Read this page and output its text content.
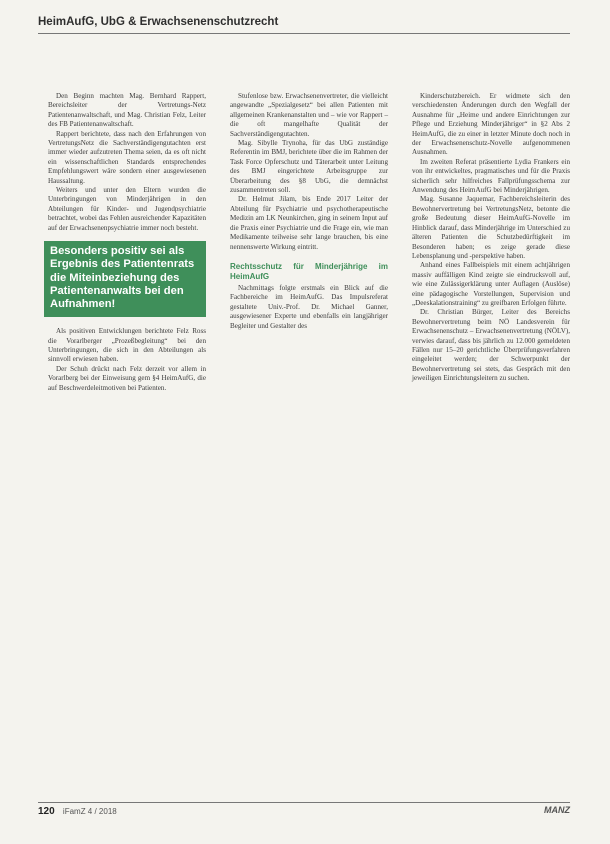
HeimAufG, UbG & Erwachsenenschutzrecht

Den Beginn machten Mag. Bernhard Rappert, Bereichsleiter der Vertretungs-Netz Patientenanwaltschaft, und Mag. Christian Felz, Leiter des FB Patientenanwaltschaft.

Rappert berichtete, dass nach den Erfahrungen von VertretungsNetz die Sachverständigengutachten erst immer wieder aufzutreten Thema seien, da es oft nicht ein wissenschaftlichen Standards entsprechendes Empfehlungswert wäre sondern einer ausgewiesenen Haussaltung.

Weiters und unter den Eltern wurden die Unterbringungen von Minderjährigen in den Abteilungen für Kinder- und Jugendpsychiatrie betrachtet, wobei das Fehlen ausreichender Kapazitäten auf der Erwachsenenpsychiatrie immer noch besteht.

Besonders positiv sei als Ergebnis des Patientenrats die Miteinbeziehung des Patientenanwalts bei den Aufnahmen!

Als positiven Entwicklungen berichtete Felz Ross die Vorarlberger „Prozeßbegleitung“ bei den Unterbringungen, die sich in den Abteilungen als sinnvoll erwiesen haben.

Der Schuh drückt nach Felz derzeit vor allem in Vorarlberg bei der Einweisung gem §4 HeimAufG, die auf Beschwerdeleitmotiven bei Patienten.

Stufenlose bzw. Erwachsenenvertreter, die vielleicht angewandte „Spezialgesetz“ bei allen Patienten mit allgemeinen Krankenanstalten und – wie vor Rappert – die oft mangelhafte Qualität der Sachverständigengutachten.

Mag. Sibylle Trynoha, für das UbG zuständige Referentin im BMJ, berichtete über die im Rahmen der Task Force Opferschutz und Täterarbeit unter Leitung des BMJ eingerichtete Arbeitsgruppe zur Überarbeitung des §8 UbG, die demnächst zusammentreten soll.

Dr. Helmut Jilam, bis Ende 2017 Leiter der Abteilung für Psychiatrie und psychotherapeutische Medizin am LK Neunkirchen, ging in seinem Input auf die Praxis einer Psychiatrie und die Frage ein, wie man Medikamente teilweise sehr lange brauchen, bis eine nennenswerte Wirkung eintritt.

Rechtsschutz für Minderjährige im HeimAufG

Nachmittags folgte erstmals ein Blick auf die Fachbereiche im HeimAufG. Das Impulsreferat gestaltete Univ.-Prof. Dr. Michael Ganner, ausgewiesener Experte und ebenfalls ein langjähriger Begleiter und Gestalter des

Kinderschutzbereich. Er widmete sich den verschiedensten Änderungen durch den Wegfall der Ausnahme für „Heime und andere Einrichtungen zur Pflege und Erziehung Minderjähriger“ in §2 Abs 2 HeimAufG, die zu einer in letzter Minute doch noch in der Erwachsenenschutz-Novelle aufgenommenen Ausnahmen.

Im zweiten Referat präsentierte Lydia Frankers ein von ihr entwickeltes, pragmatisches und für die Praxis sicherlich sehr hilfreiches Fallprüfungsschema zur Anwendung des HeimAufG bei Minderjährigen.

Mag. Susanne Jaquemar, Fachbereichsleiterin des Bewohnervertretung bei VertretungsNetz, betonte die große Bedeutung dieser HeimAufG-Novelle im Hinblick darauf, dass Minderjährige im Unterschied zu älteren Patienten die Schutzbedürftigkeit im Besonderen haben; es zeige gerade diese Lebensplanung und -perspektive haben.

Anhand eines Fallbeispiels mit einem achtjährigen massiv auffälligen Kind zeigte sie eindrucksvoll auf, wie eine Zulässigerklärung unter Auflagen (Auslöse) eine pädagogische Vorstellungen, Supervision und „Deeskalationstraining“ zu greifbaren Erfolgen führte.

Dr. Christian Bürger, Leiter des Bereichs Bewohnervertretung beim NÖ Landesverein für Erwachsenenschutz – Erwachsenenvertretung (NÖLV), verwies darauf, dass bis jährlich zu 12.000 gemeldeten Fällen nur 15–20 gerichtliche Überprüfungsverfahren eingeleitet werden; der Schwerpunkt der Bewohnervertretung sei stets, das Gespräch mit den jeweiligen Einrichtungsleitern zu suchen.

120 iFamZ 4 / 2018	MANZ
